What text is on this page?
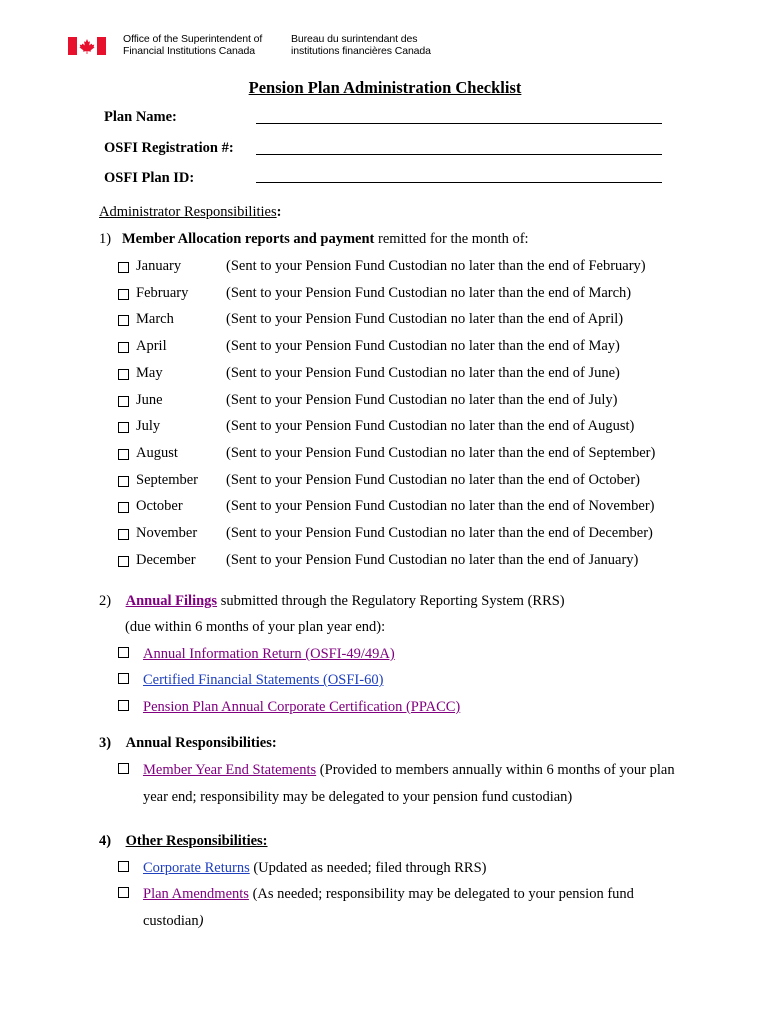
Office of the Superintendent of
Financial Institutions Canada
Bureau du surintendant des
institutions financières Canada
Pension Plan Administration Checklist
Plan Name:
OSFI Registration #:
OSFI Plan ID:
Administrator Responsibilities:
1) Member Allocation reports and payment remitted for the month of:
January	(Sent to your Pension Fund Custodian no later than the end of February)
February	(Sent to your Pension Fund Custodian no later than the end of March)
March	(Sent to your Pension Fund Custodian no later than the end of April)
April	(Sent to your Pension Fund Custodian no later than the end of May)
May	(Sent to your Pension Fund Custodian no later than the end of June)
June	(Sent to your Pension Fund Custodian no later than the end of July)
July	(Sent to your Pension Fund Custodian no later than the end of August)
August	(Sent to your Pension Fund Custodian no later than the end of September)
September (Sent to your Pension Fund Custodian no later than the end of October)
October	(Sent to your Pension Fund Custodian no later than the end of November)
November (Sent to your Pension Fund Custodian no later than the end of December)
December (Sent to your Pension Fund Custodian no later than the end of January)
2) Annual Filings submitted through the Regulatory Reporting System (RRS)
(due within 6 months of your plan year end):
Annual Information Return (OSFI-49/49A)
Certified Financial Statements (OSFI-60)
Pension Plan Annual Corporate Certification (PPACC)
3) Annual Responsibilities:
Member Year End Statements (Provided to members annually within 6 months of your plan
year end; responsibility may be delegated to your pension fund custodian)
4) Other Responsibilities:
Corporate Returns (Updated as needed; filed through RRS)
Plan Amendments (As needed; responsibility may be delegated to your pension fund
custodian)
